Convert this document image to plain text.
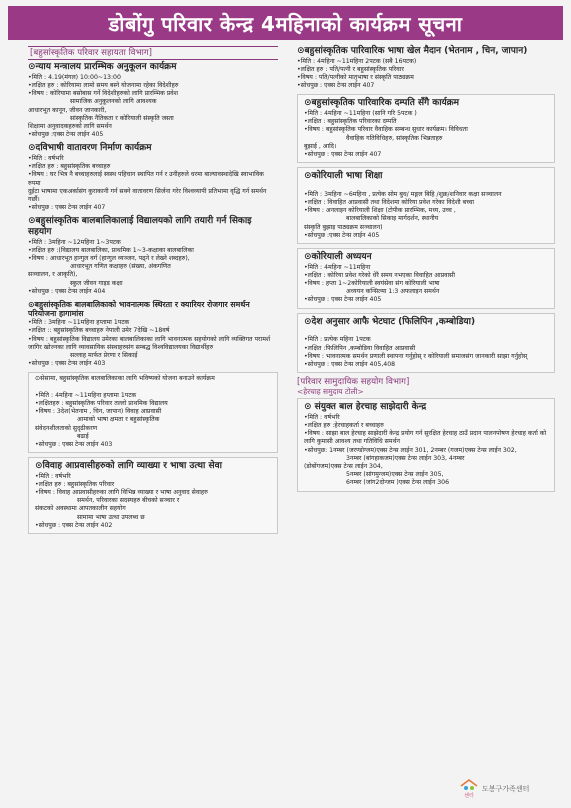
डोबोंगु परिवार केन्द्र 4महिनाको कार्यक्रम सूचना
[बहुसांस्कृतिक परिवार सहायता विभाग]
⊙न्याय मन्त्रालय प्रारम्भिक अनुकूलन कार्यक्रम

•मिति : 4.19(मंगल) 10:00~13:00

•लक्षित हरु : कोरियामा लामो समय बस्ने योजनामा रहेका विदेशीहरु

•विषय : कोरियामा बसोबास गर्ने विदेशीहरुको लागि प्रारम्भिक प्रवेश

सामाजिक अनुकूलनको लागि आवश्यक

आधारभूत कानून, जीवन जानकारी,

सांस्कृतिक नैतिकता र कोरियाली संस्कृति जस्ता

शिक्षामा अनुवादकहरुको लागि समर्थन

•सोधपुछ :एक्स टेन्स लाईन 405

⊙दविभाषी वातावरण निर्माण कार्यक्रम

•मिति : वर्षभरि

•लक्षित हरु : बहुसांस्कृतिक बच्चाहरु

•विषय : घर भित्र नै बच्चाहरुलाई स्वस्थ पहिचान स्थापित गर्न र उनीहरुले धरमा बाल्यावस्थादेखि स्वाभाविक रुपमा

दुईटा भाषामा एकअर्कासंग कुराकानी गर्न सक्ने वातावरण सिर्जना गरेर विश्वव्यापी प्रतिभामा वृद्धि गर्न समर्थन गर्छौ।

•सोधपुछ : एक्स टेन्स लाईन 407

⊙बहुसांस्कृतिक बालबालिकालाई विद्यालयको लागि तयारी गर्न सिकाइ सहयोग

•मिति : 3महिना ~12महिना 1~3पटक

•लक्षित हरु :(विद्यालय बालबालिका, प्राथमिक 1~3-कक्षाका बालबालिका

•विषय : आधारभूत हान्गुल वर्ग (हान्गुल व्यञ्जन, पढ्ने र लेख्ने शब्दहरु),

आधारभूत गणित कक्षाहरु (संख्या, अंकगणित

सञ्चालन, र आकृति),

स्कुल जीवन गाइड कक्षा

•सोधपुछ : एक्स टेन्स लाईन 404

⊙बहुसांस्कृतिक बालबालिकाको भावनात्मक स्थिरता र क्यारियर रोजगार समर्थन परियोजना हागामांस

•मिति : 3महिना ~11महिना हप्तामा 1पटक

•लक्षित :: बहुसांस्कृतिक बच्चाहरु नेपाली उमेर 7देखि ~18वर्ष

•विषय : बहुसांस्कृतिक विद्यालय उमेरका बालबालिकाका लागि भावनात्मक सहयोगको लागि व्यक्तिगत परामर्श

जागिर खोज्नका लागि व्यावसायिक संस्थाहरुसंग सम्बद्ध विश्वविद्यालयका विद्यार्थीहरु

सल्लाह मार्फत प्रेरणा र सिकाई

•सोधपुछ : एक्स टेन्स लाईन 403

⊙सेसामा, बहुसांस्कृतिक बालबालिकाका लागि भविष्यको योजना बनाउने कार्यक्रम

•मिति : 4महिना ~11महिना हप्तामा 1पटक

•लक्षितहरु : बहुसांस्कृतिक परिवार तल्लो प्राथमिक विद्यालय

•विषय : 3देश(भेतनाम , चिन, जापान) विवाह आप्रवासी

आमाको भाषा क्षमता र बहुसांस्कृतिक

संवेदनशीलताको सुदृढीकरण

बढाई

•सोधपुछ : एक्स टेन्स लाईन 403

⊙विवाह आप्रवासीहरुको लागि व्याख्या र भाषा उत्था सेवा

•मिति : वर्षभरि

•लक्षित हरु : बहुसांस्कृतिक परिवार

•विषय : विवाह आप्रवासीहरुका लागि विभिन्न व्याख्या र भाषा अनुवाद सेवाहरु

समर्थन, परिवारका सदस्यहरु बीचको सञ्चार र

संकटको अवस्थामा आपतकालीन सहयोग

सामामा भाषा उत्था उपलब्ध छ

•सोधपुछ : एक्स टेन्स लाईन 402

⊙बहुसांस्कृतिक पारिवारिक भाषा खेल मैदान (भेतनाम , चिन, जापान)

•मिति : 4महिना ~11महिना 2पटक (सबै 16पटक)

•लक्षित हरु : पति/पत्नी र बहुसांस्कृतिक परिवार

•विषय : पति/पत्नीको मातृभाषा र संस्कृति पाठ्यक्रम

•सोधपुछ : एक्स टेन्स लाईन 407

⊙बहुसांस्कृतिक पारिवारिक दम्पति सँगै कार्यक्रम

•मिति : 4महिना ~11महिना (सानि गरि 5पटक )

•लक्षित : बहुसांस्कृतिक परिवारका दम्पति

•विषय : बहुसांस्कृतिक परिवार वैवाहिक सम्बन्ध सुधार कार्यक्रम। विविधता

वैवाहिक गतिविधिहरु, सांस्कृतिक भिन्नताहरु

बुझाई , आदि।

•सोधपुछ : एक्स टेन्स लाईन 407

⊙कोरियाली भाषा शिक्षा

•मिति : 3महिना ~6महिना , प्रत्येक सोम बुध/ मङ्गल बिहि /शुक्र/शनिवार कक्षा सञ्चालन

•लक्षित : विवाहित आप्रवासी तथा विदेशमा कोरिया प्रवेश गरेका विदेशी बच्चा

•विषय : अनलाइन कोरियाली शिक्षा (टोपीक प्रारम्भिक, मध्य, उच्च ,

बालबालिकाको सिकाइ मार्गदर्शन, स्थानीय

संस्कृति बुझाइ पाठ्यक्रम सञ्चालन)

•सोधपुछ :एक्स टेन्स लाईन 405

⊙कोरियाली अध्ययन

•मिति : 4महिना ~11महिना

•लक्षित : कोरिया प्रवेश गरेको धेरै समय नभएका विवाहित आप्रवासी

•विषय : हप्ता 1~2कोरियाली स्वयंसेवा संग कोरियाली भाषा

अध्ययन कन्सिल्मा 1:3 अफलाइन समर्थन

•सोधपुछ : एक्स टेन्स लाईन 405

⊙देश अनुसार आफै भेटघाट (फिलिपिन ,कम्बोडिया)

•मिति : प्रत्येक महिना 1पटक

•लक्षित :फिलिपिन ,कम्बोडिया विवाहित आप्रवासी

•विषय : भावनात्मक समर्थन प्रणाली स्थापना गर्नुहोस् र कोरियाली समाजसंग जानकारी साझा गर्नुहोस्

•सोधपुछ : एक्स टेन्स लाईन 405,408

[परिवार सामुदायिक सहयोग विभाग]
<हेरचाह समुदाय टोली>
⊙ संयुक्त बाल हेरचाह साझेदारी केन्द्र

•मिति : वर्षभरि

•लक्षित हरु :हेरचाहकर्ता र बच्चाहरु

•विषय : साझा बाल हेरचाह साझेदारी केन्द्र प्रयोग गर्न सुरक्षित हेरचाह ठाउँ प्रदान पालनपोषण हेरचाह कर्ता को लागि कुमासी आवश्य तथा गतिविधि समर्थन

•सोधपुछ: 1नम्बर (जरण्डोग्जम)एक्स टेन्स लाईन 301, 2नम्बर (गजम)एक्स टेन्स लाईन 302,

3नम्बर (बांगहाकजम)एक्स टेन्स लाईन 303, 4नम्बर

(डोबोंगजम)एक्स टेन्स लाईन 304,

5नम्बर (सांगमुन्जम)एक्स टेन्स लाईन 305,

6नम्बर (जांग2दोन्जम )एक्स टेन्स लाईन 306

센터
도봉구가족센터
